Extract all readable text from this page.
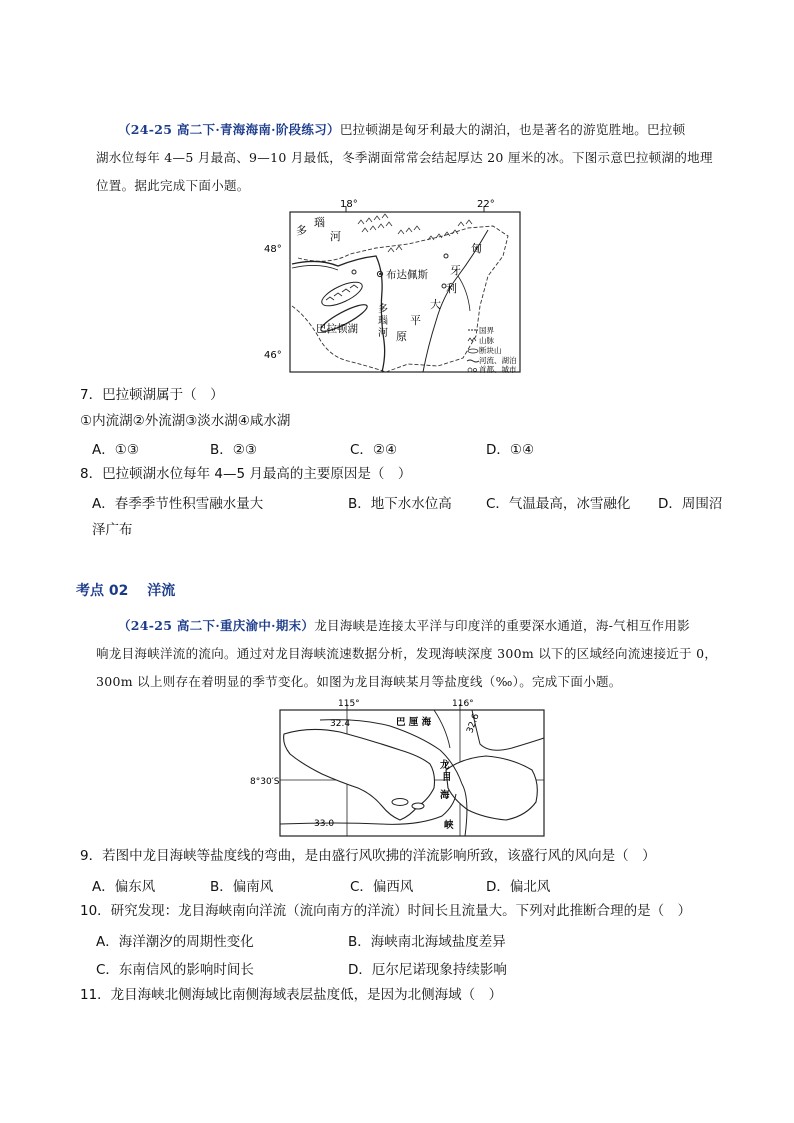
（24-25 高二下·青海海南·阶段练习）巴拉顿湖是匈牙利最大的湖泊，也是著名的游览胜地。巴拉顿
湖水位每年 4—5 月最高、9—10 月最低，冬季湖面常常会结起厚达 20 厘米的冰。下图示意巴拉顿湖的地理
位置。据此完成下面小题。
18°	22°
48°
46°
多
瑙
河
布达佩斯
匈
牙
利
大
巴拉顿湖
多
瑙
河
平
原	国界
山脉
断块山
河流、湖泊
首都、城市
7．巴拉顿湖属于（　）
①内流湖②外流湖③淡水湖④咸水湖
A．①③	B．②③	C．②④	D．①④
8．巴拉顿湖水位每年 4—5 月最高的主要原因是（　）
A．春季季节性积雪融水量大	B．地下水水位高	C．气温最高，冰雪融化 D．周围沼
泽广布
考点 02 洋流
（24-25 高二下·重庆渝中·期末）龙目海峡是连接太平洋与印度洋的重要深水通道，海-气相互作用影
响龙目海峡洋流的流向。通过对龙目海峡流速数据分析，发现海峡深度 300m 以下的区域经向流速接近于 0，
300m 以上则存在着明显的季节变化。如图为龙目海峡某月等盐度线（‰）。完成下面小题。
115°	116°
8°30′S
32.4	32.6
33.0
巴 厘 海
龙
目
海
峡
9．若图中龙目海峡等盐度线的弯曲，是由盛行风吹拂的洋流影响所致，该盛行风的风向是（　）
A．偏东风	B．偏南风	C．偏西风	D．偏北风
10．研究发现：龙目海峡南向洋流（流向南方的洋流）时间长且流量大。下列对此推断合理的是（　）
A．海洋潮汐的周期性变化	B．海峡南北海域盐度差异
C．东南信风的影响时间长	D．厄尔尼诺现象持续影响
11．龙目海峡北侧海域比南侧海域表层盐度低，是因为北侧海域（　）
